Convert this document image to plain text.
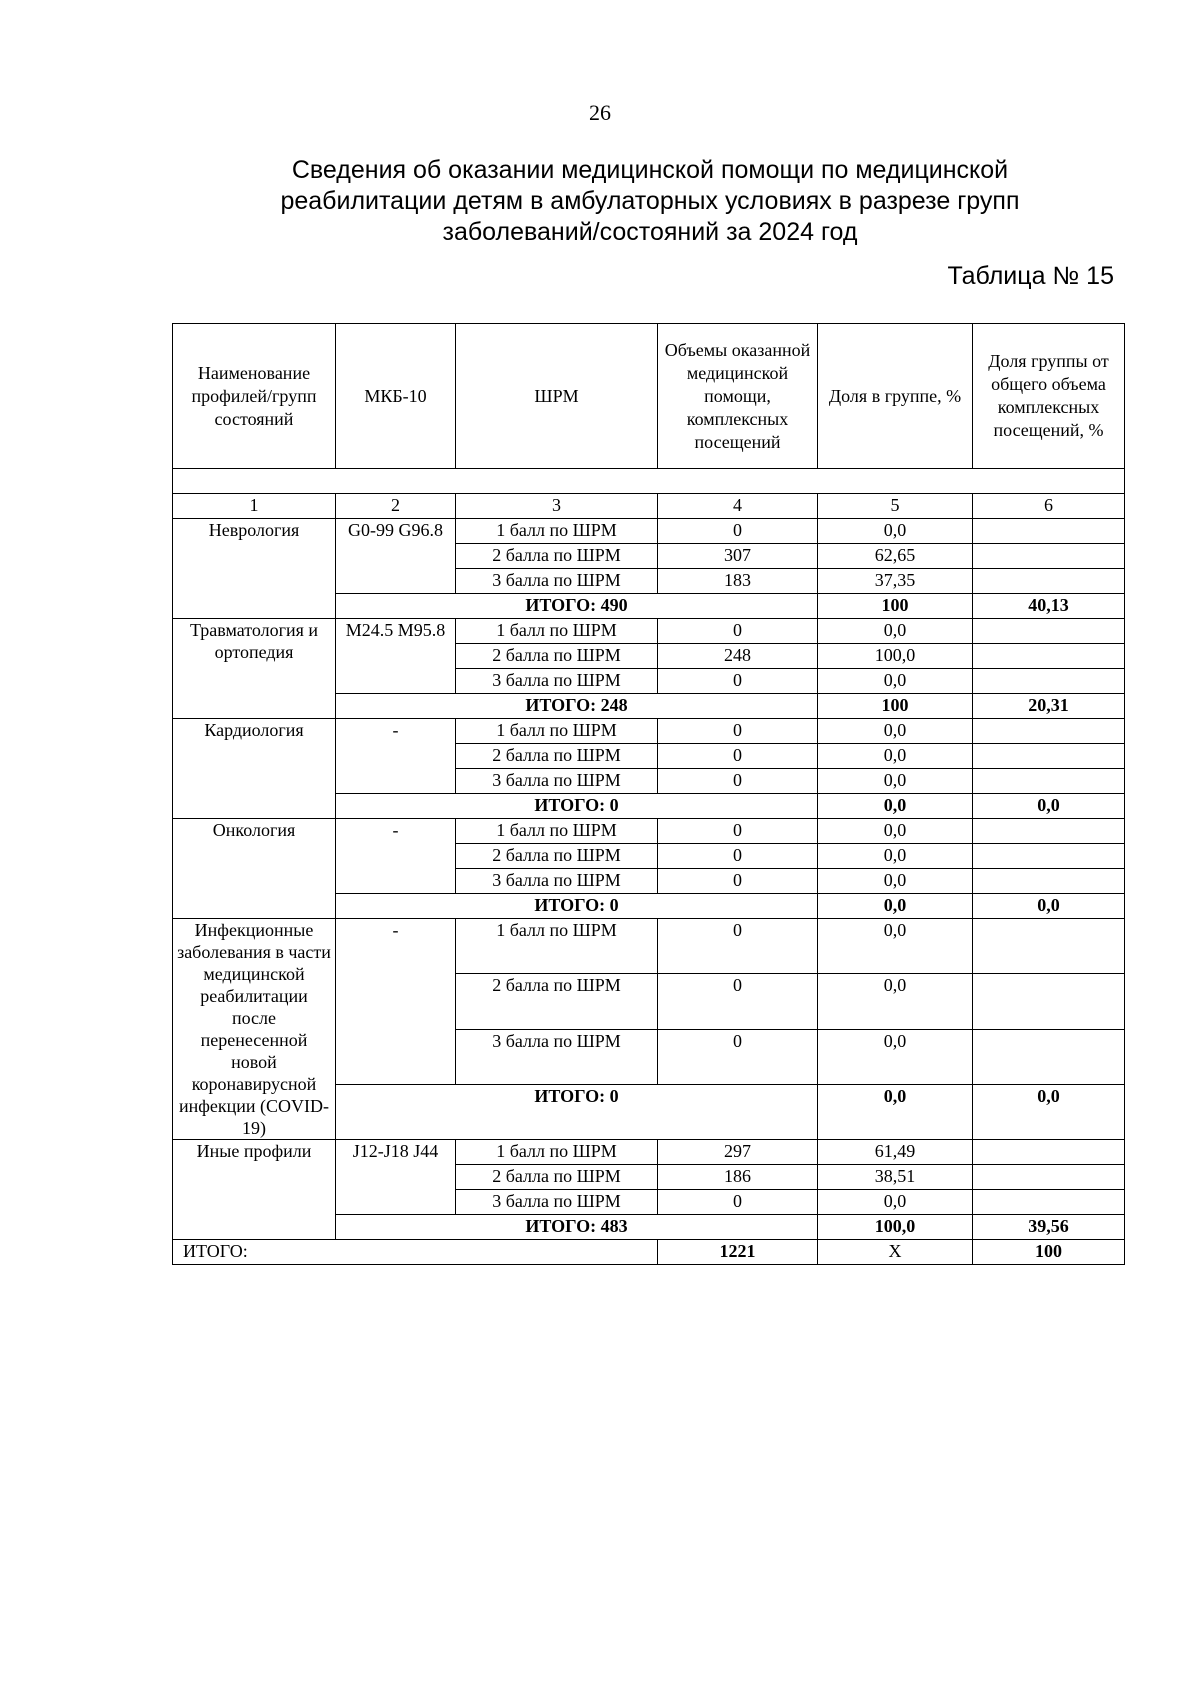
26
Сведения об оказании медицинской помощи по медицинской
реабилитации детям в амбулаторных условиях в разрезе групп
заболеваний/состояний за 2024 год
Таблица № 15
Наименование профилей/групп состояний	МКБ-10	ШРМ	Объемы оказанной медицинской помощи, комплексных посещений	Доля в группе, %	Доля группы от общего объема комплексных посещений, %

1	2	3	4	5	6
Неврология	G0-99 G96.8	1 балл по ШРМ	0	0,0	
		2 балла по ШРМ	307	62,65	
		3 балла по ШРМ	183	37,35	
	ИТОГО: 490			100	40,13
Травматология и ортопедия	M24.5 M95.8	1 балл по ШРМ	0	0,0	
		2 балла по ШРМ	248	100,0	
		3 балла по ШРМ	0	0,0	
	ИТОГО: 248			100	20,31
Кардиология	-	1 балл по ШРМ	0	0,0	
		2 балла по ШРМ	0	0,0	
		3 балла по ШРМ	0	0,0	
	ИТОГО: 0			0,0	0,0
Онкология	-	1 балл по ШРМ	0	0,0	
		2 балла по ШРМ	0	0,0	
		3 балла по ШРМ	0	0,0	
	ИТОГО: 0			0,0	0,0
Инфекционные заболевания в части медицинской реабилитации после перенесенной новой коронавирусной инфекции (COVID-19)	-	1 балл по ШРМ	0	0,0	
		2 балла по ШРМ	0	0,0	
		3 балла по ШРМ	0	0,0	
	ИТОГО: 0			0,0	0,0
Иные профили	J12-J18 J44	1 балл по ШРМ	297	61,49	
		2 балла по ШРМ	186	38,51	
		3 балла по ШРМ	0	0,0	
	ИТОГО: 483			100,0	39,56
ИТОГО:			1221	Х	100
